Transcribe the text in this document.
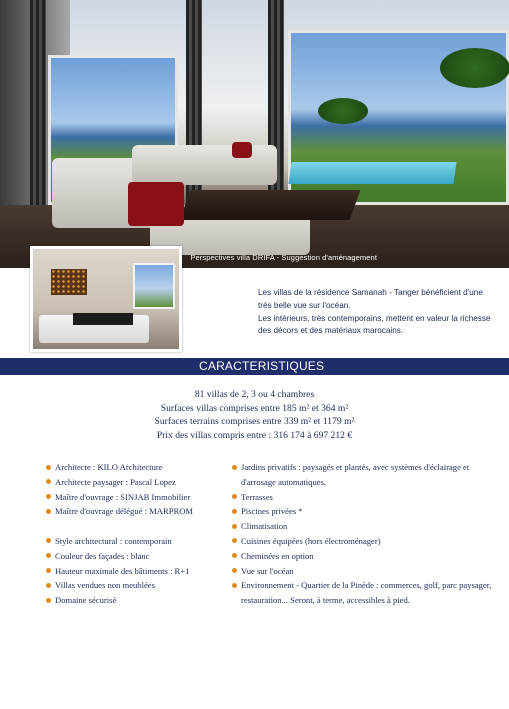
Perspectives villa DRIFA - Suggestion d'aménagement

Les villas de la résidence Samanah - Tanger bénéficient d'une très belle vue sur l'océan.

Les intérieurs, très contemporains, mettent en valeur la richesse des décors et des matériaux marocains.

CARACTERISTIQUES
81 villas de 2, 3 ou 4 chambres
Surfaces villas comprises entre 185 m² et 364 m²
Surfaces terrains comprises entre 339 m² et 1179 m²
Prix des villas compris entre : 316 174 à 697 212 €
Architecte : KILO Architecture
Architecte paysager : Pascal Lopez
Maître d'ouvrage : SINJAB Immobilier
Maître d'ouvrage délégué : MARPROM
Style architectural : contemporain
Couleur des façades : blanc
Hauteur maximale des bâtiments : R+1
Villas vendues non meublées
Domaine sécurisé
Jardins privatifs : paysagés et plantés, avec systèmes d'éclairage et d'arrosage automatiques.
Terrasses
Piscines privées *
Climatisation
Cuisines équipées (hors électroménager)
Cheminées en option
Vue sur l'océan
Environnement - Quartier de la Pinède : commerces, golf, parc paysager, restauration... Seront, à terme, accessibles à pied.
